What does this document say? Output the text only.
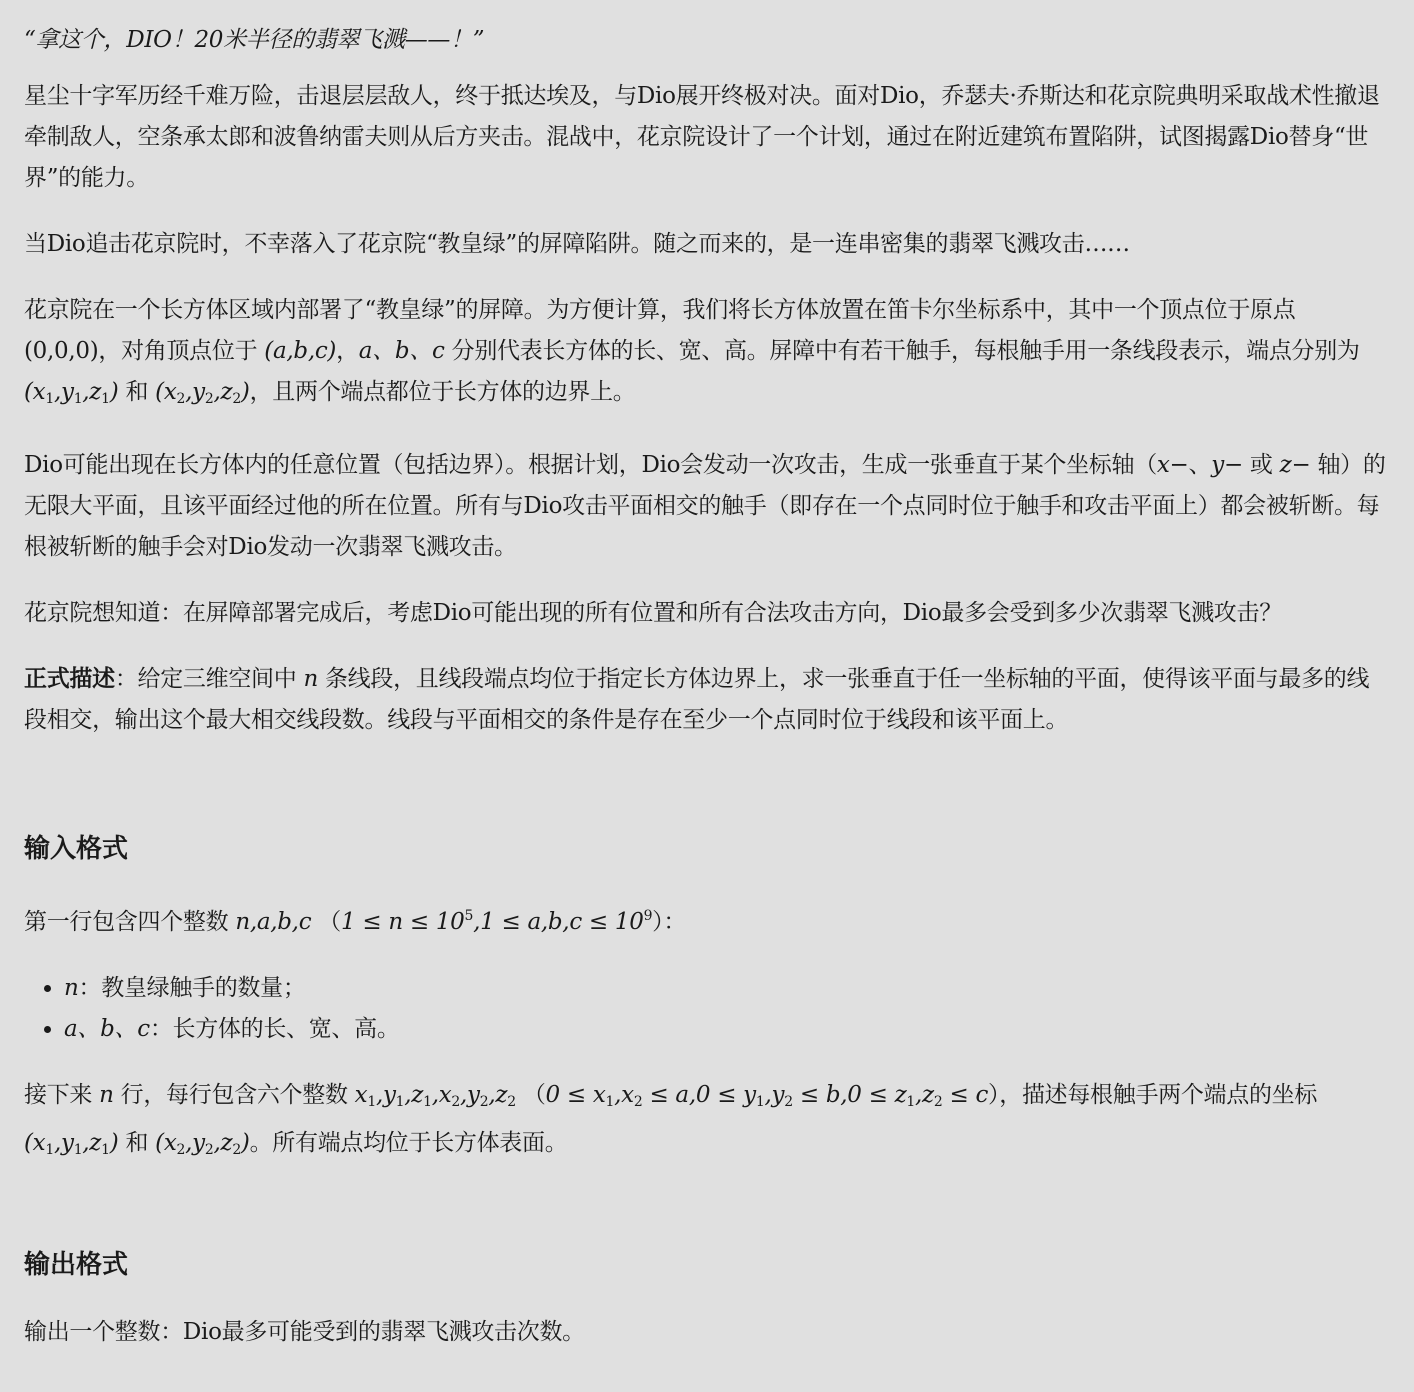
“拿这个，DIO！20米半径的翡翠飞溅——！”

星尘十字军历经千难万险，击退层层敌人，终于抵达埃及，与Dio展开终极对决。面对Dio，乔瑟夫·乔斯达和花京院典明采取战术性撤退牵制敌人，空条承太郎和波鲁纳雷夫则从后方夹击。混战中，花京院设计了一个计划，通过在附近建筑布置陷阱，试图揭露Dio替身“世界”的能力。

当Dio追击花京院时，不幸落入了花京院“教皇绿”的屏障陷阱。随之而来的，是一连串密集的翡翠飞溅攻击……

花京院在一个长方体区域内部署了“教皇绿”的屏障。为方便计算，我们将长方体放置在笛卡尔坐标系中，其中一个顶点位于原点 (0,0,0)，对角顶点位于 (a,b,c)，a、b、c 分别代表长方体的长、宽、高。屏障中有若干触手，每根触手用一条线段表示，端点分别为 $(x_1,y_1,z_1)$ 和 $(x_2,y_2,z_2)$，且两个端点都位于长方体的边界上。

Dio可能出现在长方体内的任意位置（包括边界）。根据计划，Dio会发动一次攻击，生成一张垂直于某个坐标轴（x−、y− 或 z− 轴）的无限大平面，且该平面经过他的所在位置。所有与Dio攻击平面相交的触手（即存在一个点同时位于触手和攻击平面上）都会被斩断。每根被斩断的触手会对Dio发动一次翡翠飞溅攻击。

花京院想知道：在屏障部署完成后，考虑Dio可能出现的所有位置和所有合法攻击方向，Dio最多会受到多少次翡翠飞溅攻击？

正式描述：给定三维空间中 n 条线段，且线段端点均位于指定长方体边界上，求一张垂直于任一坐标轴的平面，使得该平面与最多的线段相交，输出这个最大相交线段数。线段与平面相交的条件是存在至少一个点同时位于线段和该平面上。

输入格式

第一行包含四个整数 n,a,b,c $(1 \le n \le 10^5,1 \le a,b,c \le 10^9)$：

• n：教皇绿触手的数量；
• a、b、c：长方体的长、宽、高。

接下来 n 行，每行包含六个整数 $x_1,y_1,z_1,x_2,y_2,z_2$ $(0 \le x_1,x_2 \le a,0 \le y_1,y_2 \le b,0 \le z_1,z_2 \le c)$，描述每根触手两个端点的坐标 $(x_1,y_1,z_1)$ 和 $(x_2,y_2,z_2)$。所有端点均位于长方体表面。

输出格式

输出一个整数：Dio最多可能受到的翡翠飞溅攻击次数。
